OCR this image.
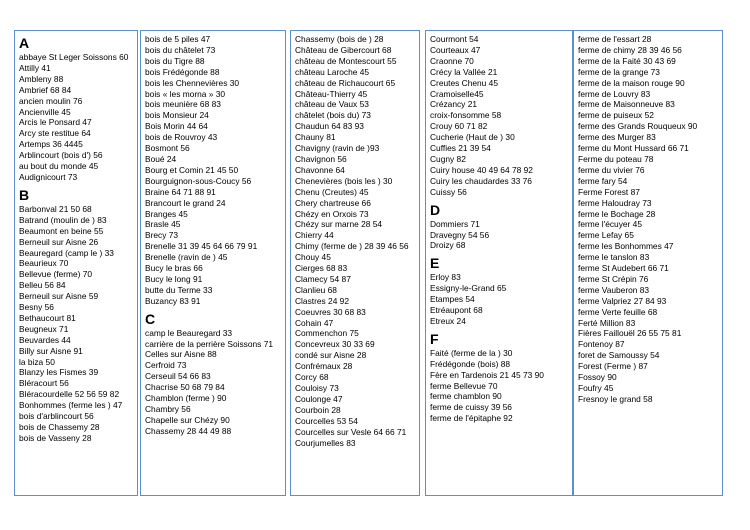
A
abbaye St Leger Soissons 60
Attilly 41
Ambleny 88
Ambrief 68 84
ancien moulin 76
Ancienville 45
Arcis le Ponsard 47
Arcy ste restitue 64
Artemps 36 4445
Arblincourt (bois d') 56
au bout du monde 45
Audignicourt 73
B
Barbonval 21 50 68
Batrand (moulin de ) 83
Beaumont en beine 55
Berneuil sur Aisne 26
Beauregard (camp le ) 33
Beaurieux 70
Bellevue (ferme) 70
Belleu 56 84
Berneuil sur Aisne 59
Besny 56
Bethaucourt 81
Beugneux 71
Beuvardes 44
Billy sur Aisne 91
la biza 50
Blanzy les Fismes 39
Bléracourt 56
Bléracourdelle 52 56 59 82
Bonhommes (ferme les ) 47
bois d'arblincourt 56
bois de Chassemy 28
bois de Vasseny 28
bois de 5 piles 47
bois du châtelet 73
bois du Tigre 88
bois Frédégonde 88
bois les Chennevières 30
bois « les morna » 30
bois meunière 68 83
bois Monsieur 24
Bois Morin 44 64
bois de Rouvroy 43
Bosmont 56
Boué 24
Bourg et Comin 21 45 50
Bourguignon-sous-Coucy 56
Braine 64 71 88 91
Brancourt le grand 24
Branges 45
Brasle 45
Brecy 73
Brenelle 31 39 45 64 66 79 91
Brenelle (ravin de ) 45
Bucy le bras 66
Bucy le long 91
butte du Terme 33
Buzancy 83 91
C
camp le Beauregard 33
carrière de la perrière Soissons 71
Celles sur Aisne 88
Cerfroid 73
Cerseuil 54 66 83
Chacrise 50 68 79 84
Chamblon (ferme ) 90
Chambry 56
Chapelle sur Chézy 90
Chassemy 28 44 49 88
Chassemy (bois de ) 28
Château de Gibercourt 68
château de Montescourt 55
château Laroche 45
château de Richaucourt 65
Château-Thierry 45
château de Vaux 53
châtelet (bois du) 73
Chaudun 64 83 93
Chauny 81
Chavigny (ravin de )93
Chavignon 56
Chavonne 64
Chenevières (bois les ) 30
Chenu (Creutes) 45
Chery chartreuse 66
Chézy en Orxois 73
Chézy sur marne 28 54
Chierry 44
Chimy (ferme de ) 28 39 46 56
Chouy 45
Cierges 68 83
Clamecy 54 87
Clanlieu 68
Clastres 24 92
Coeuvres 30 68 83
Cohain 47
Commenchon 75
Concevreux 30 33 69
condé sur Aisne 28
Confrémaux 28
Corcy 68
Couloisy 73
Coulonge 47
Courboin 28
Courcelles 53 54
Courcelles sur Vesle 64 66 71
Courjumelles 83
Courmont 54
Courteaux 47
Craonne 70
Crécy la Vallée 21
Creutes Chenu 45
Cramoiselle45
Crézancy 21
croix-fonsomme 58
Crouy 60 71 82
Cucherie (Haut de ) 30
Cuffies 21 39 54
Cugny 82
Cuiry house 40 49 64 78 92
Cuiry les chaudardes 33 76
Cuissy 56
D
Dommiers 71
Dravegny 54 56
Droizy 68
E
Erloy 83
Essigny-le-Grand 65
Etampes 54
Etréaupont 68
Etreux 24
F
Faité (ferme de la ) 30
Frédégonde (bois) 88
Fère en Tardenois 21 45 73 90
ferme Bellevue 70
ferme chamblon 90
ferme de cuissy 39 56
ferme de l'épitaphe 92
ferme de l'essart 28
ferme de chimy 28 39 46 56
ferme de la Faité 30 43 69
ferme de la grange 73
ferme de la maison rouge 90
ferme de Louvry 83
ferme de Maisonneuve 83
ferme de puiseux 52
ferme des Grands Rouqueux 90
ferme des Murger 83
ferme du Mont Hussard 66 71
Ferme du poteau 78
ferme du vivier 76
ferme fary 54
Ferme Forest 87
ferme Haloudray 73
ferme le Bochage 28
ferme l'écuyer 45
ferme Lefay 65
ferme les Bonhommes 47
ferme le tanslon 83
ferme St Audebert 66 71
ferme St Crépin 76
ferme Vauberon 83
ferme Valpriez 27 84 93
ferme Verte feuille 68
Ferté Million 83
Fières Faillouël 26 55 75 81
Fontenoy 87
foret de Samoussy 54
Forest (Ferme ) 87
Fossoy 90
Foufry 45
Fresnoy le grand 58
